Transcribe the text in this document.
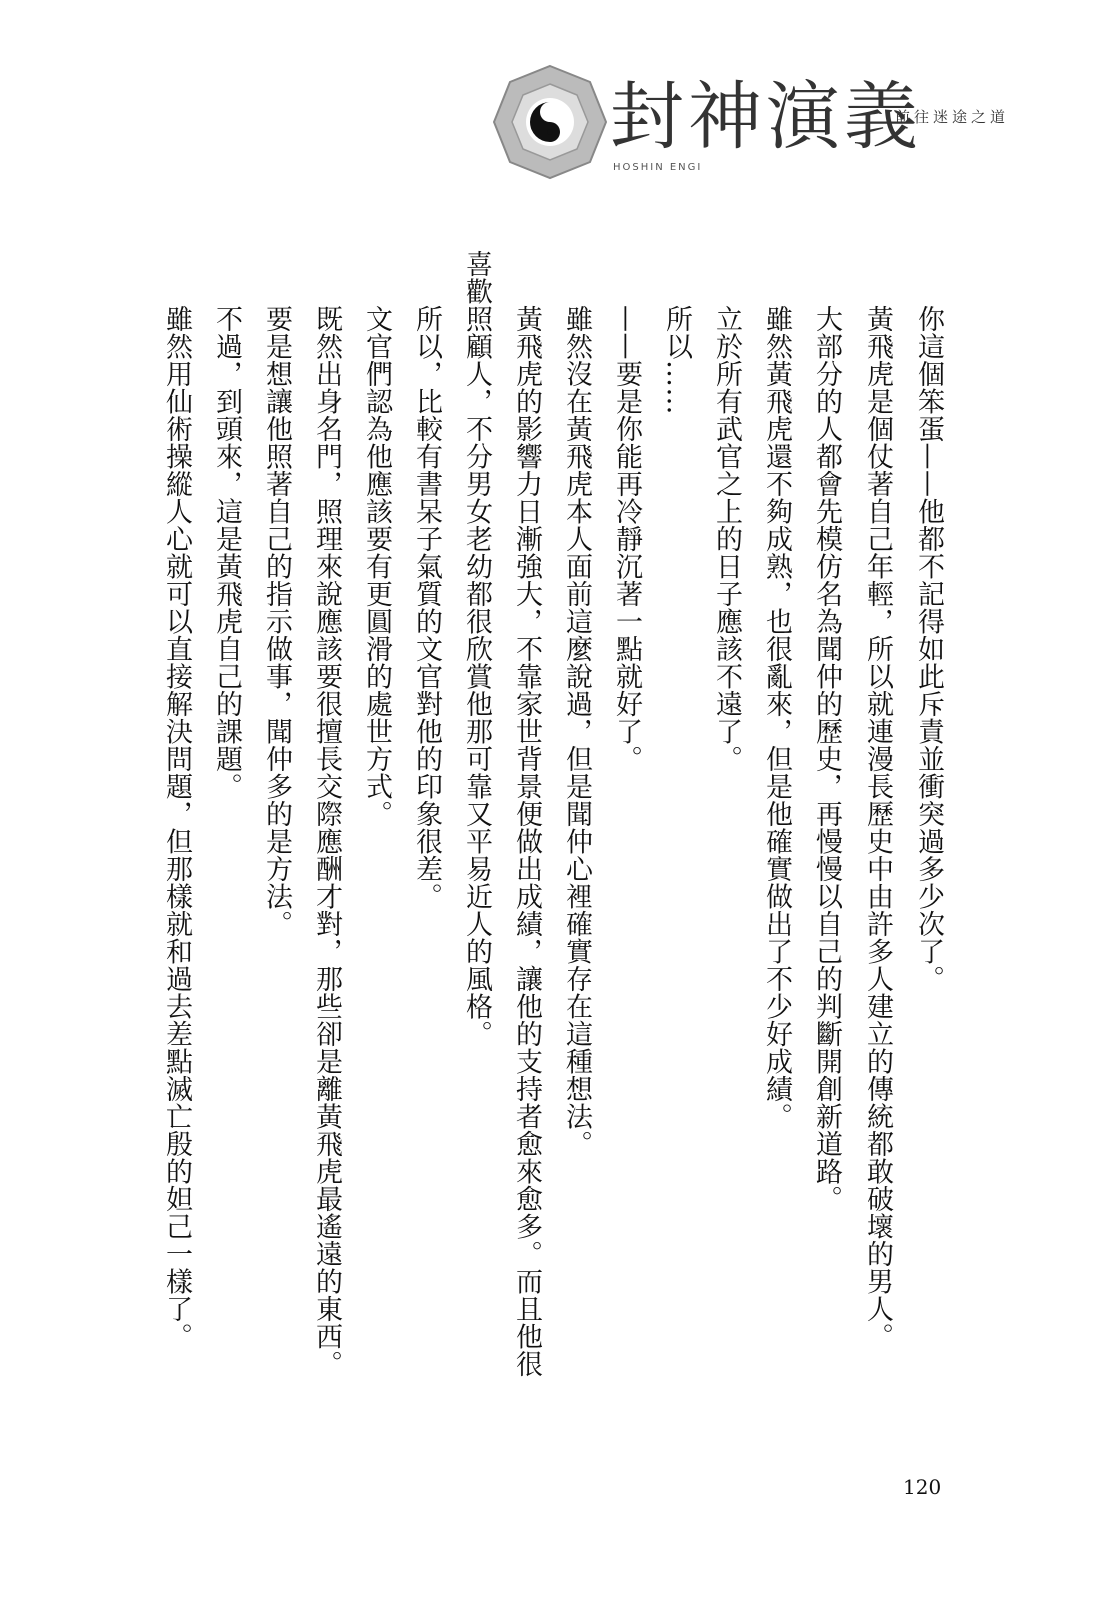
封神演義
HOSHIN ENGI
前往迷途之道
你這個笨蛋——他都不記得如此斥責並衝突過多少次了。
黃飛虎是個仗著自己年輕，所以就連漫長歷史中由許多人建立的傳統都敢破壞的男人。
大部分的人都會先模仿名為聞仲的歷史，再慢慢以自己的判斷開創新道路。
雖然黃飛虎還不夠成熟，也很亂來，但是他確實做出了不少好成績。
立於所有武官之上的日子應該不遠了。
所以……
——要是你能再冷靜沉著一點就好了。
雖然沒在黃飛虎本人面前這麼說過，但是聞仲心裡確實存在這種想法。
黃飛虎的影響力日漸強大，不靠家世背景便做出成績，讓他的支持者愈來愈多。而且他很
喜歡照顧人，不分男女老幼都很欣賞他那可靠又平易近人的風格。
所以，比較有書呆子氣質的文官對他的印象很差。
文官們認為他應該要有更圓滑的處世方式。
既然出身名門，照理來說應該要很擅長交際應酬才對，那些卻是離黃飛虎最遙遠的東西。
要是想讓他照著自己的指示做事，聞仲多的是方法。
不過，到頭來，這是黃飛虎自己的課題。
雖然用仙術操縱人心就可以直接解決問題，但那樣就和過去差點滅亡殷的妲己一樣了。
120
